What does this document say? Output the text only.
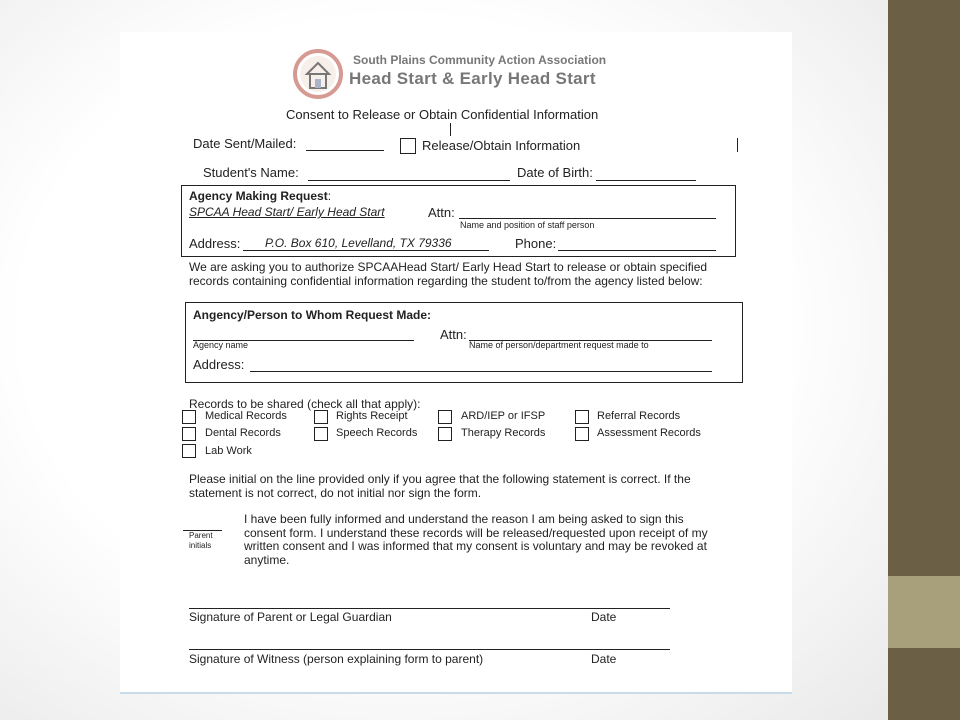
South Plains Community Action Association
Head Start & Early Head Start
Consent to Release or Obtain Confidential Information
Date Sent/Mailed:	Release/Obtain Information
Student's Name:	Date of Birth:
Agency Making Request:
SPCAA Head Start/ Early Head Start	Attn:
Name and position of staff person
Address: P.O. Box 610, Levelland, TX 79336	Phone:
We are asking you to authorize SPCAAHead Start/ Early Head Start to release or obtain specified records containing confidential information regarding the student to/from the agency listed below:
Angency/Person to Whom Request Made:
Agency name
Attn:
Name of person/department request made to
Address:
Records to be shared (check all that apply):
Medical Records	Rights Receipt	ARD/IEP or IFSP	Referral Records
Dental Records	Speech Records	Therapy Records	Assessment Records
Lab Work
Please initial on the line provided only if you agree that the following statement is correct. If the statement is not correct, do not initial nor sign the form.
Parent initials
I have been fully informed and understand the reason I am being asked to sign this consent form. I understand these records will be released/requested upon receipt of my written consent and I was informed that my consent is voluntary and may be revoked at anytime.
Signature of Parent or Legal Guardian	Date
Signature of Witness (person explaining form to parent)	Date
